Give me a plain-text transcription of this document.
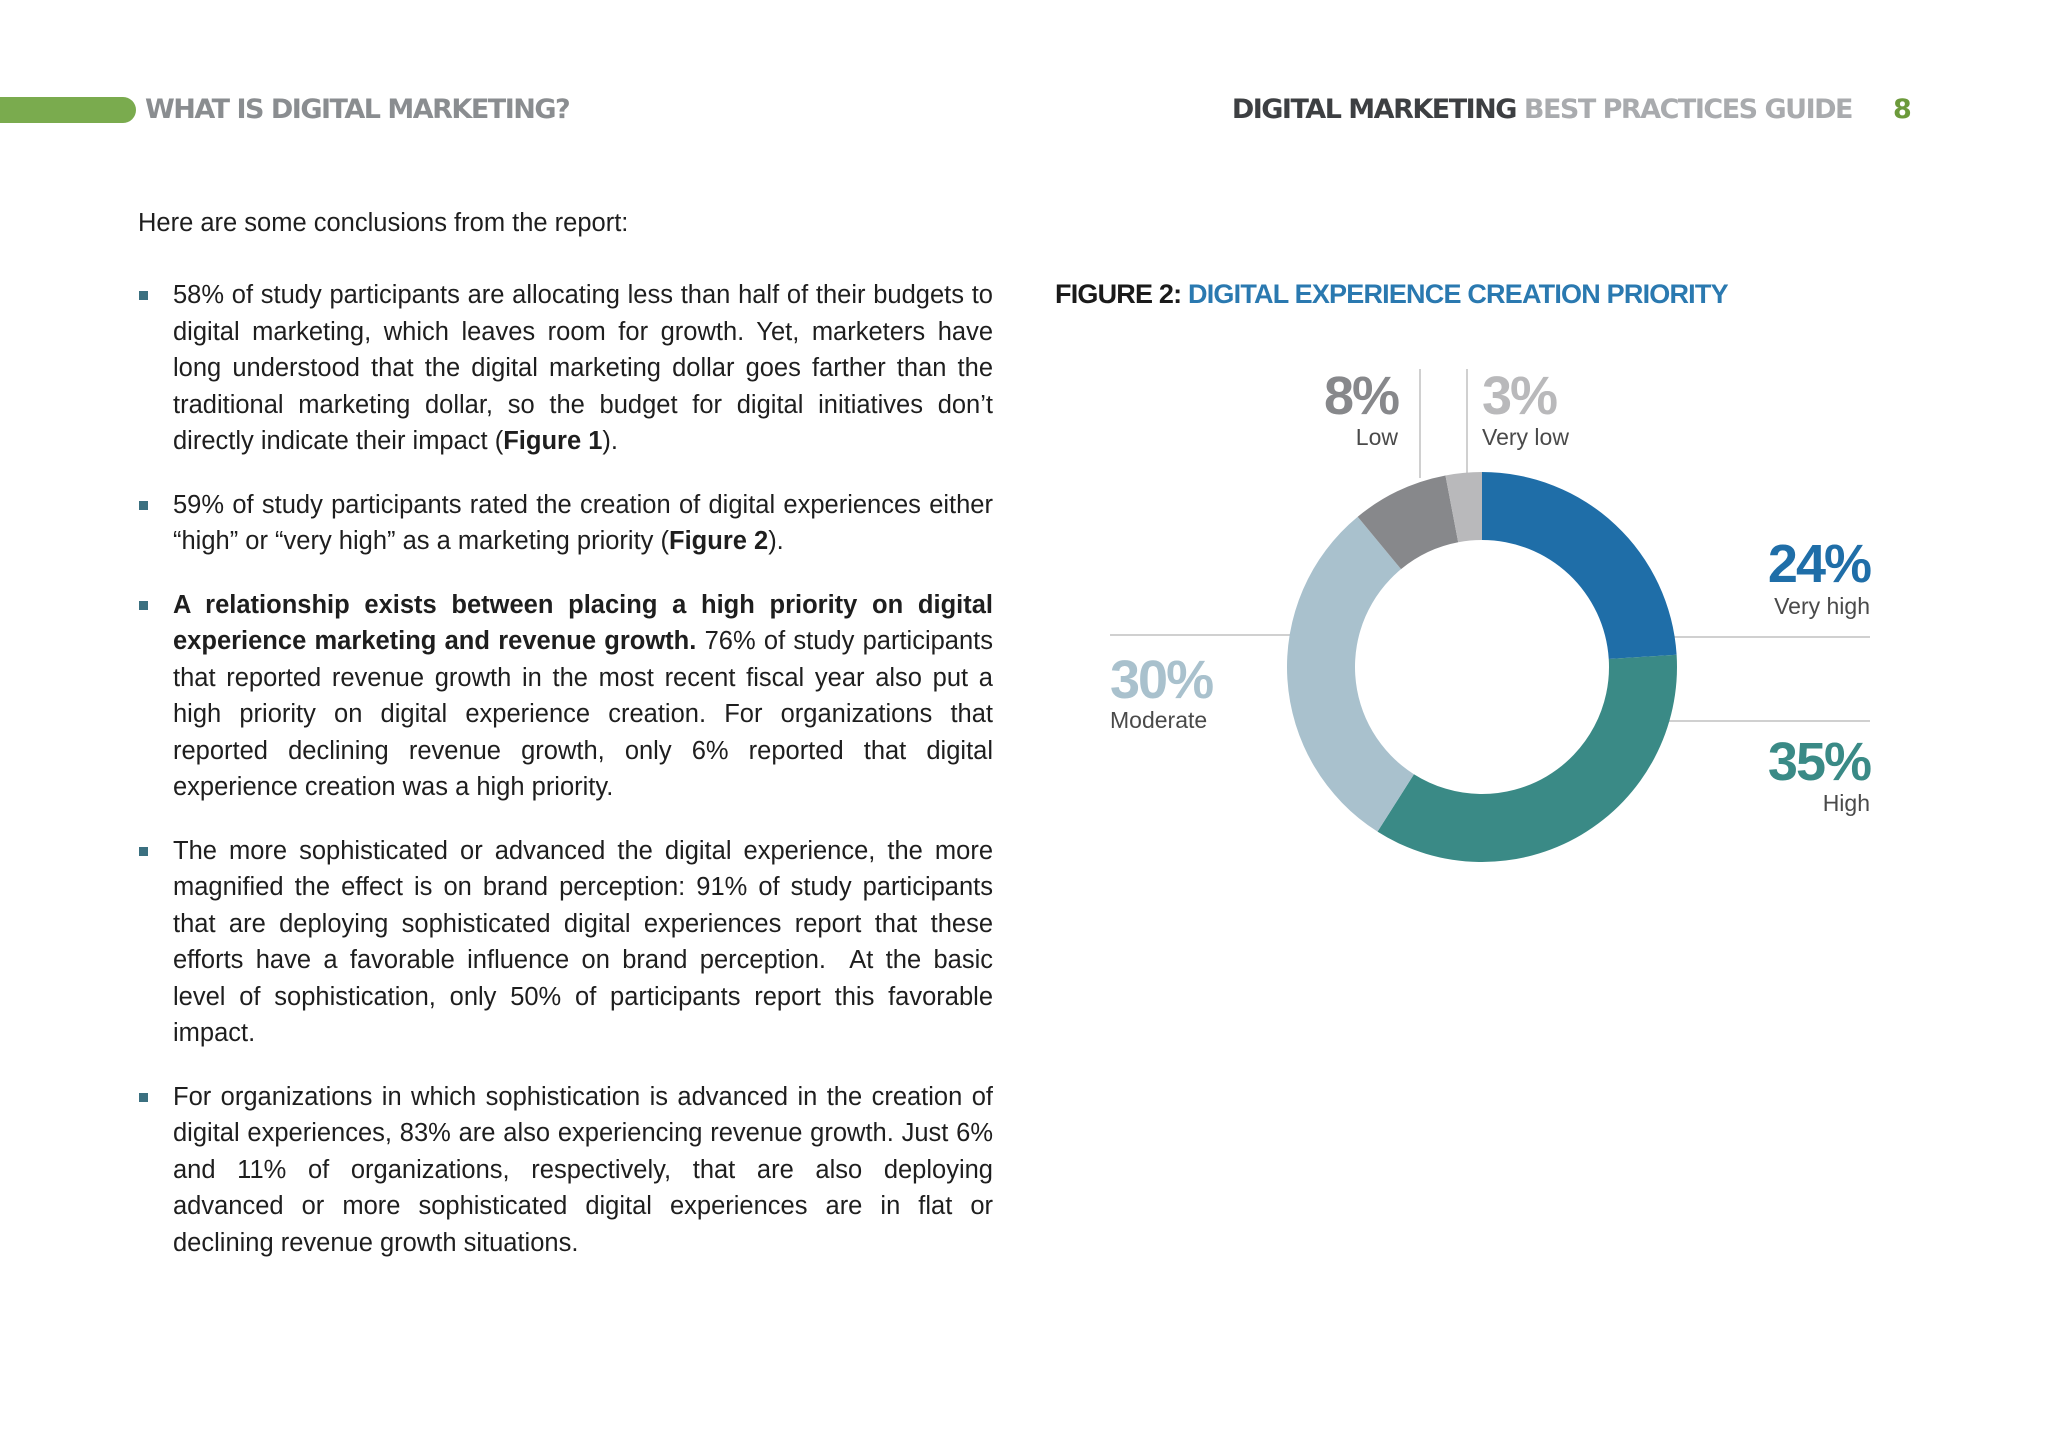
WHAT IS DIGITAL MARKETING?	DIGITAL MARKETING BEST PRACTICES GUIDE 8
Here are some conclusions from the report:
58% of study participants are allocating less than half of their budgets to digital marketing, which leaves room for growth. Yet, marketers have long understood that the digital marketing dollar goes farther than the traditional marketing dollar, so the budget for digital initiatives don’t directly indicate their impact (Figure 1).
59% of study participants rated the creation of digital experiences either “high” or “very high” as a marketing priority (Figure 2).
A relationship exists between placing a high priority on digital experience marketing and revenue growth. 76% of study participants that reported revenue growth in the most recent fiscal year also put a high priority on digital experience creation. For organizations that reported declining revenue growth, only 6% reported that digital experience creation was a high priority.
The more sophisticated or advanced the digital experience, the more magnified the effect is on brand perception: 91% of study participants that are deploying sophisticated digital experiences report that these efforts have a favorable influence on brand perception.  At the basic level of sophistication, only 50% of participants report this favorable impact.
For organizations in which sophistication is advanced in the creation of digital experiences, 83% are also experiencing revenue growth. Just 6% and 11% of organizations, respectively, that are also deploying advanced or more sophisticated digital experiences are in flat or declining revenue growth situations.
FIGURE 2: DIGITAL EXPERIENCE CREATION PRIORITY
24%
Very high
35%
High
30%
Moderate
8%
Low
3%
Very low
